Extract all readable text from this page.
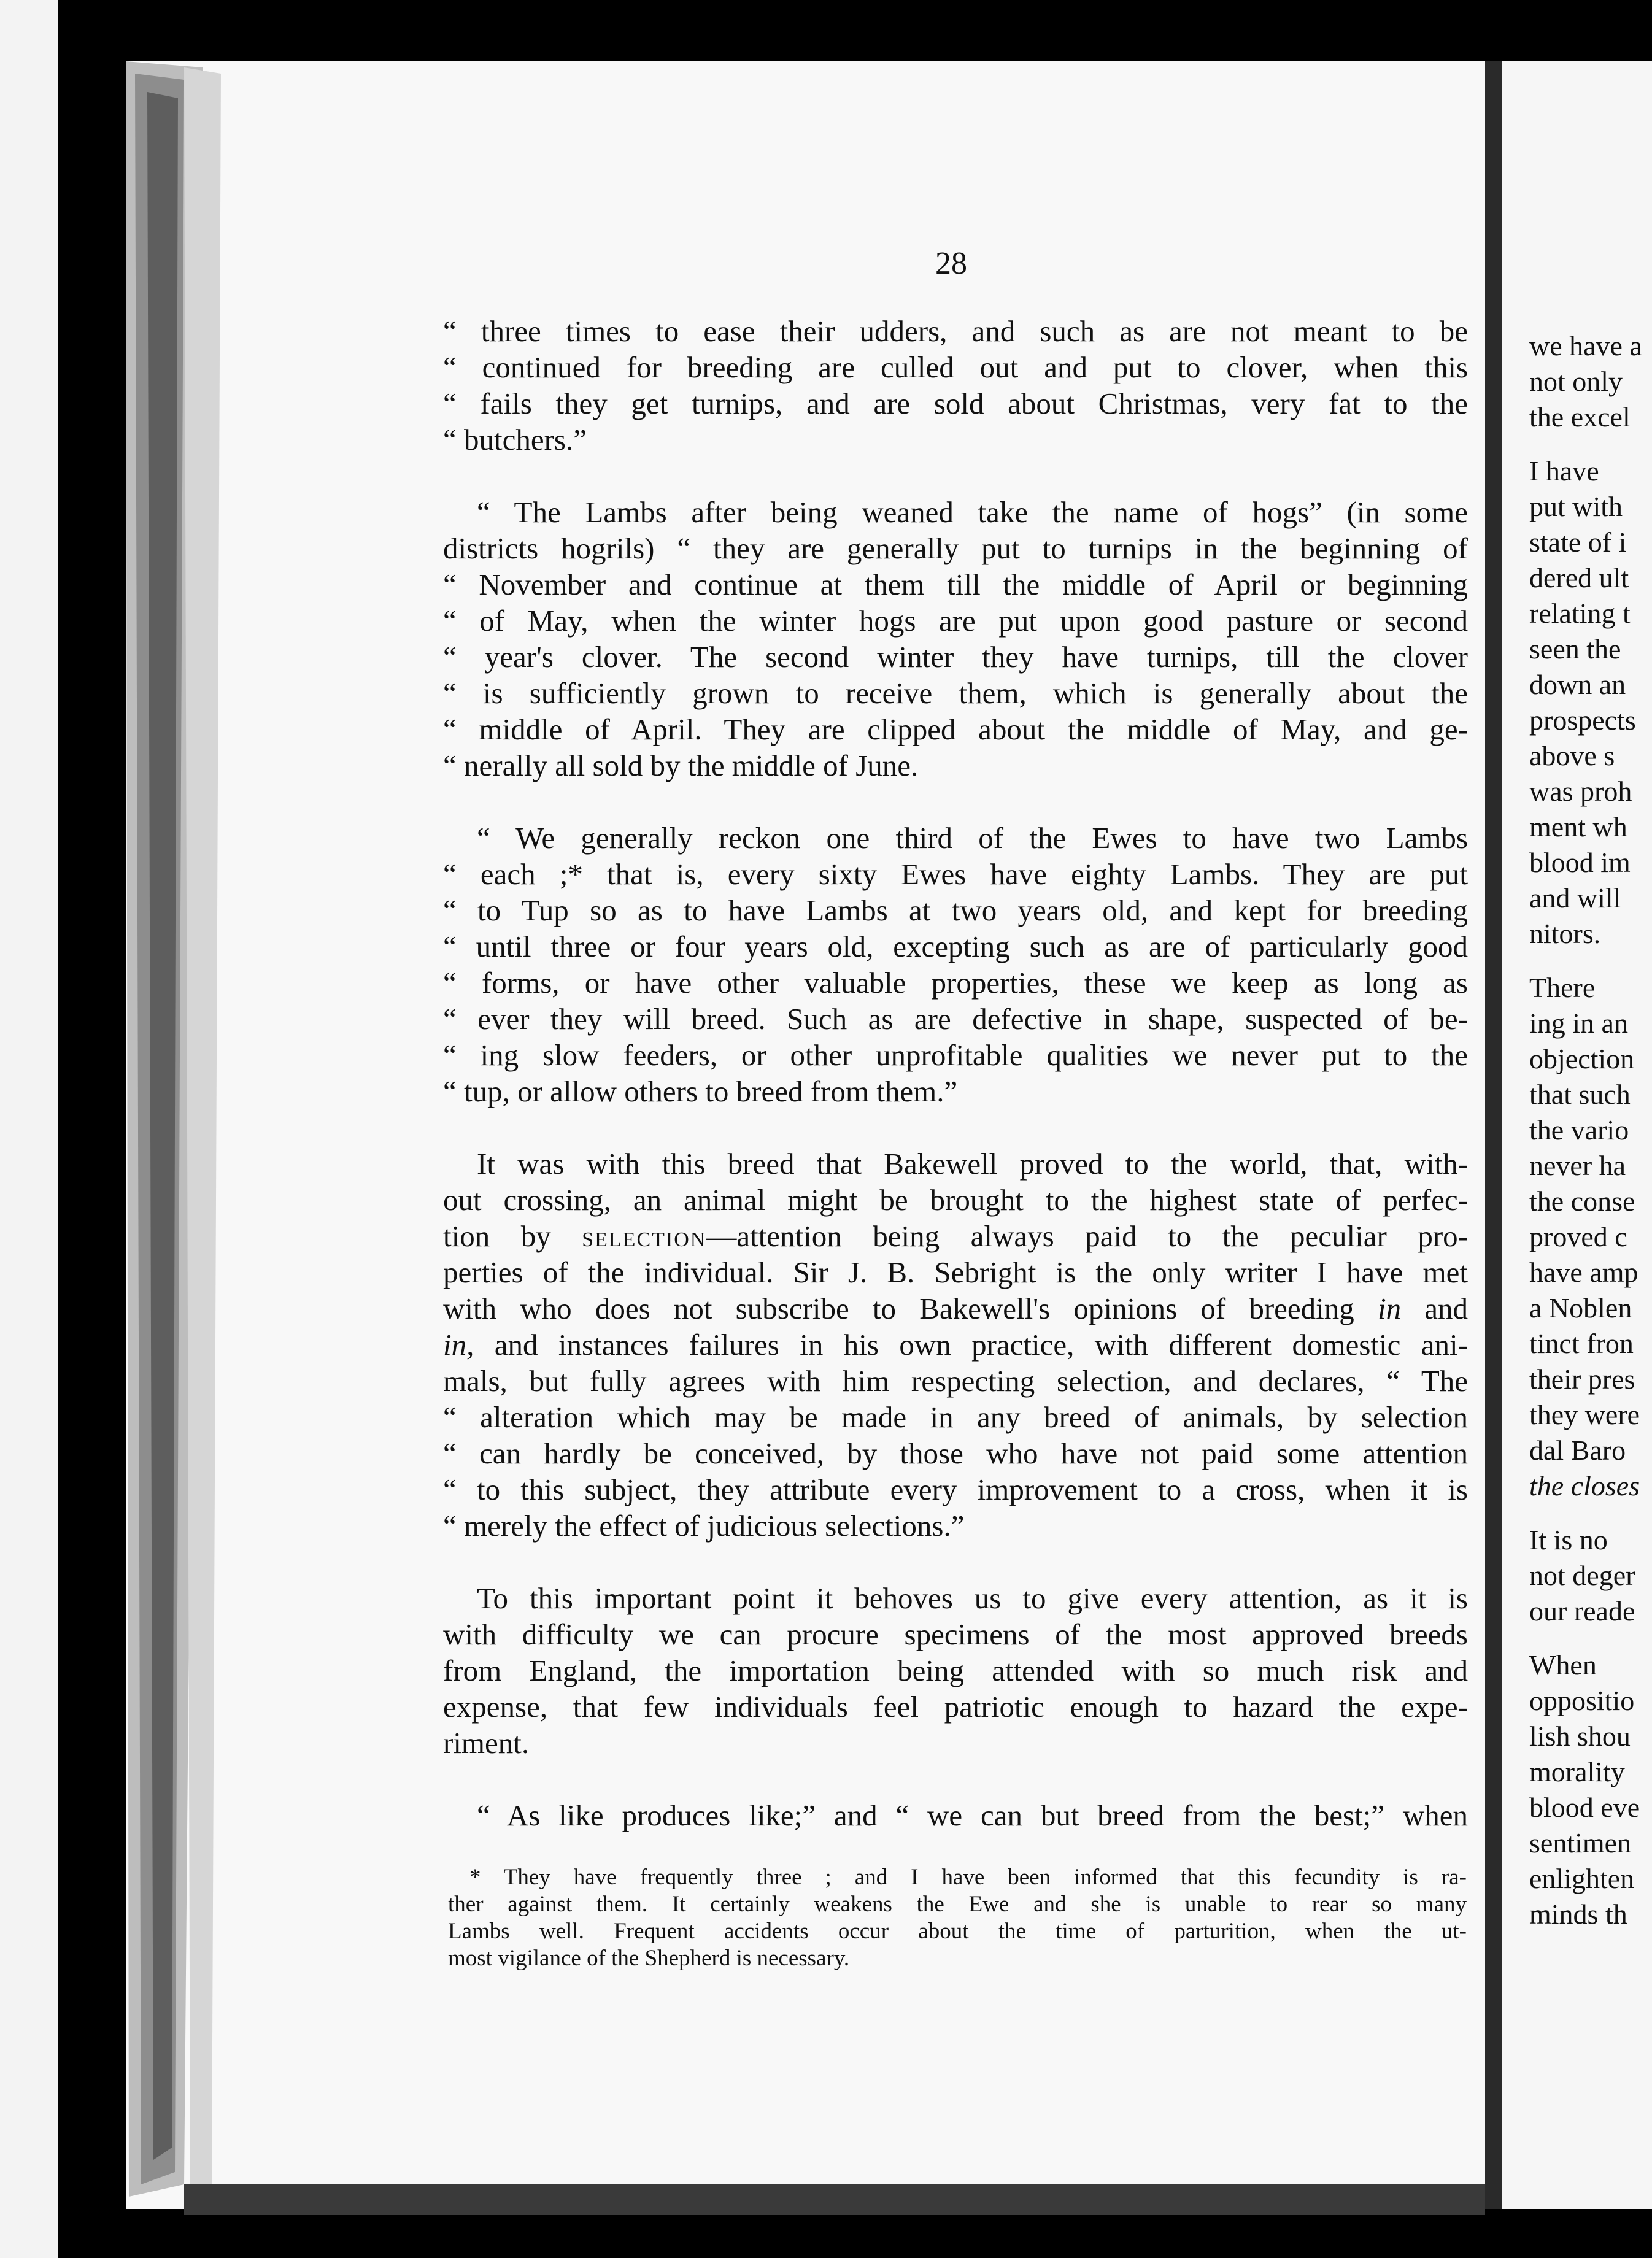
28
“ three times to ease their udders, and such as are not meant to be
“ continued for breeding are culled out and put to clover, when this
“ fails they get turnips, and are sold about Christmas, very fat to the
“ butchers.”
“ The Lambs after being weaned take the name of hogs” (in some
districts hogrils) “ they are generally put to turnips in the beginning of
“ November and continue at them till the middle of April or beginning
“ of May, when the winter hogs are put upon good pasture or second
“ year's clover. The second winter they have turnips, till the clover
“ is sufficiently grown to receive them, which is generally about the
“ middle of April. They are clipped about the middle of May, and ge-
“ nerally all sold by the middle of June.
“ We generally reckon one third of the Ewes to have two Lambs
“ each ;* that is, every sixty Ewes have eighty Lambs. They are put
“ to Tup so as to have Lambs at two years old, and kept for breeding
“ until three or four years old, excepting such as are of particularly good
“ forms, or have other valuable properties, these we keep as long as
“ ever they will breed. Such as are defective in shape, suspected of be-
“ ing slow feeders, or other unprofitable qualities we never put to the
“ tup, or allow others to breed from them.”
It was with this breed that Bakewell proved to the world, that, with-
out crossing, an animal might be brought to the highest state of perfec-
tion by selection—attention being always paid to the peculiar pro-
perties of the individual. Sir J. B. Sebright is the only writer I have met
with who does not subscribe to Bakewell's opinions of breeding in and
in, and instances failures in his own practice, with different domestic ani-
mals, but fully agrees with him respecting selection, and declares, “ The
“ alteration which may be made in any breed of animals, by selection
“ can hardly be conceived, by those who have not paid some attention
“ to this subject, they attribute every improvement to a cross, when it is
“ merely the effect of judicious selections.”
To this important point it behoves us to give every attention, as it is
with difficulty we can procure specimens of the most approved breeds
from England, the importation being attended with so much risk and
expense, that few individuals feel patriotic enough to hazard the expe-
riment.
“ As like produces like;” and “ we can but breed from the best;” when
* They have frequently three ; and I have been informed that this fecundity is ra-
ther against them. It certainly weakens the Ewe and she is unable to rear so many
Lambs well. Frequent accidents occur about the time of parturition, when the ut-
most vigilance of the Shepherd is necessary.
we have a
not only
the excel
I have
put with
state of i
dered ult
relating t
seen the
down an
prospects
above s
was proh
ment wh
blood im
and will
nitors.
There
ing in an
objection
that such
the vario
never ha
the conse
proved c
have amp
a Noblen
tinct fron
their pres
they were
dal Baro
the closes
It is no
not deger
our reade
When
oppositio
lish shou
morality
blood eve
sentimen
enlighten
minds th
